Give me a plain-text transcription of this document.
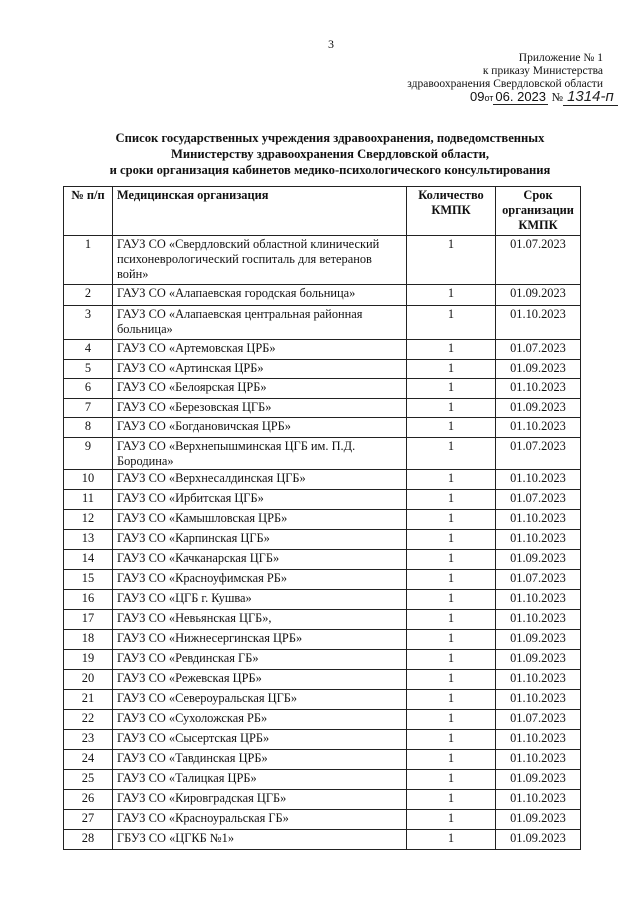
3
Приложение № 1
к приказу Министерства
здравоохранения Свердловской области
09от 06. 2023 № 1314-п
Список государственных учреждения здравоохранения, подведомственных
Министерству здравоохранения Свердловской области,
и сроки организация кабинетов медико-психологического консультирования
№ п/п	Медицинская организация	Количество КМПК	Срок организации КМПК
1	ГАУЗ СО «Свердловский областной клинический психоневрологический госпиталь для ветеранов войн»	1	01.07.2023
2	ГАУЗ СО «Алапаевская городская больница»	1	01.09.2023
3	ГАУЗ СО «Алапаевская центральная районная больница»	1	01.10.2023
4	ГАУЗ СО «Артемовская ЦРБ»	1	01.07.2023
5	ГАУЗ СО «Артинская ЦРБ»	1	01.09.2023
6	ГАУЗ СО «Белоярская ЦРБ»	1	01.10.2023
7	ГАУЗ СО «Березовская ЦГБ»	1	01.09.2023
8	ГАУЗ СО «Богдановичская ЦРБ»	1	01.10.2023
9	ГАУЗ СО «Верхнепышминская ЦГБ им. П.Д. Бородина»	1	01.07.2023
10	ГАУЗ СО «Верхнесалдинская ЦГБ»	1	01.10.2023
11	ГАУЗ СО «Ирбитская ЦГБ»	1	01.07.2023
12	ГАУЗ СО «Камышловская ЦРБ»	1	01.10.2023
13	ГАУЗ СО «Карпинская ЦГБ»	1	01.10.2023
14	ГАУЗ СО «Качканарская ЦГБ»	1	01.09.2023
15	ГАУЗ СО «Красноуфимская РБ»	1	01.07.2023
16	ГАУЗ СО «ЦГБ г. Кушва»	1	01.10.2023
17	ГАУЗ СО «Невьянская ЦГБ»,	1	01.10.2023
18	ГАУЗ СО «Нижнесергинская ЦРБ»	1	01.09.2023
19	ГАУЗ СО «Ревдинская ГБ»	1	01.09.2023
20	ГАУЗ СО «Режевская ЦРБ»	1	01.10.2023
21	ГАУЗ СО «Североуральская ЦГБ»	1	01.10.2023
22	ГАУЗ СО «Сухоложская РБ»	1	01.07.2023
23	ГАУЗ СО «Сысертская ЦРБ»	1	01.10.2023
24	ГАУЗ СО «Тавдинская ЦРБ»	1	01.10.2023
25	ГАУЗ СО «Талицкая ЦРБ»	1	01.09.2023
26	ГАУЗ СО «Кировградская ЦГБ»	1	01.10.2023
27	ГАУЗ СО «Красноуральская ГБ»	1	01.09.2023
28	ГБУЗ СО «ЦГКБ №1»	1	01.09.2023
